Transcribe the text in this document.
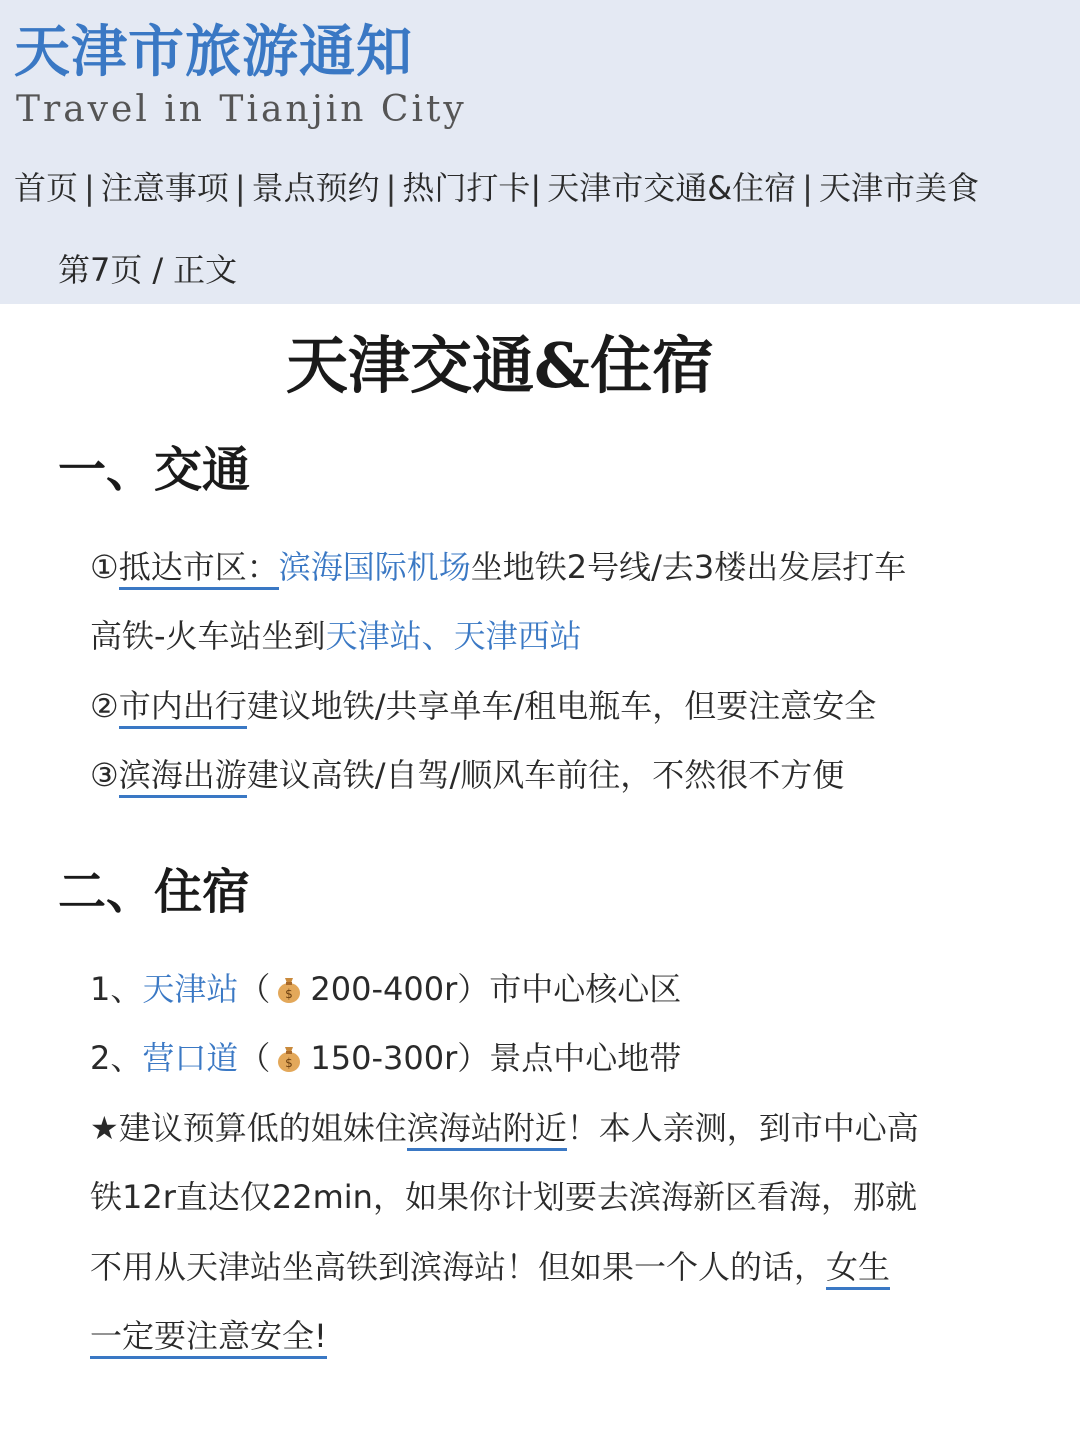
天津市旅游通知
Travel in Tianjin City
首页 | 注意事项 | 景点预约 | 热门打卡| 天津市交通&住宿 | 天津市美食
第7页 / 正文
天津交通&住宿
一、交通
①抵达市区：滨海国际机场坐地铁2号线/去3楼出发层打车
高铁-火车站坐到天津站、天津西站
②市内出行建议地铁/共享单车/租电瓶车，但要注意安全
③滨海出游建议高铁/自驾/顺风车前往，不然很不方便
二、住宿
1、天津站（ $ 200-400r）市中心核心区
2、营口道（ $ 150-300r）景点中心地带
★建议预算低的姐妹住滨海站附近！本人亲测，到市中心高
铁12r直达仅22min，如果你计划要去滨海新区看海，那就
不用从天津站坐高铁到滨海站！但如果一个人的话，女生
一定要注意安全!
